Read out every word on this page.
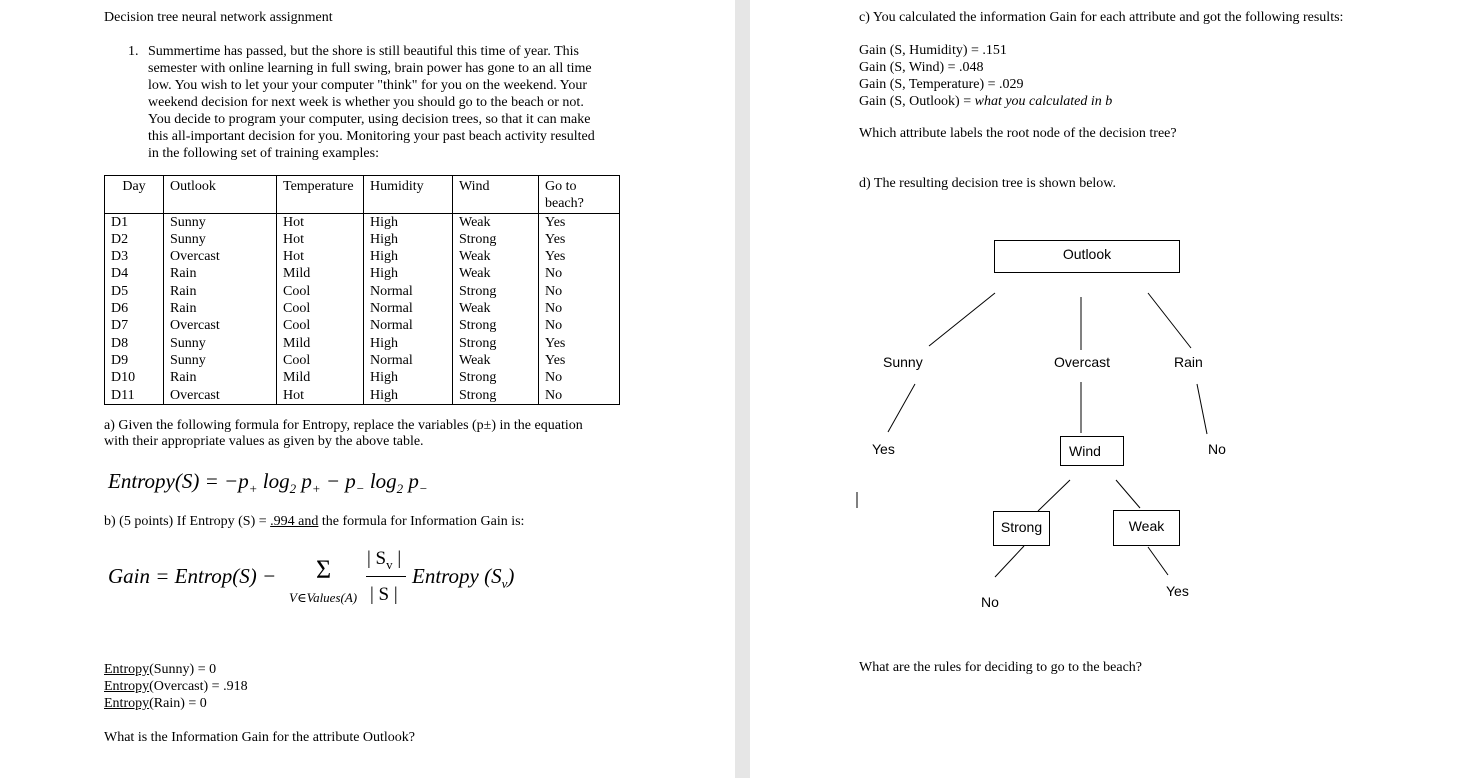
Decision tree neural network assignment
1. Summertime has passed, but the shore is still beautiful this time of year. This
semester with online learning in full swing, brain power has gone to an all time
low. You wish to let your your computer "think" for you on the weekend. Your
weekend decision for next week is whether you should go to the beach or not.
You decide to program your computer, using decision trees, so that it can make
this all-important decision for you. Monitoring your past beach activity resulted
in the following set of training examples:
Day	Outlook	Temperature	Humidity	Wind	Go to beach?
D1	Sunny	Hot	High	Weak	Yes
D2	Sunny	Hot	High	Strong	Yes
D3	Overcast	Hot	High	Weak	Yes
D4	Rain	Mild	High	Weak	No
D5	Rain	Cool	Normal	Strong	No
D6	Rain	Cool	Normal	Weak	No
D7	Overcast	Cool	Normal	Strong	No
D8	Sunny	Mild	High	Strong	Yes
D9	Sunny	Cool	Normal	Weak	Yes
D10	Rain	Mild	High	Strong	No
D11	Overcast	Hot	High	Strong	No
a) Given the following formula for Entropy, replace the variables (p±) in the equation
with their appropriate values as given by the above table.
Entropy(S) = $-p_+$ $\log_2 p_+ - p_-$ $\log_2 p_-$
b) (5 points) If Entropy (S) = .994 and the formula for Information Gain is:
Gain = Entrop(S) − Σ
V∈Values(A)
| $S_v$ |
| S |
Entropy $(S_v)$
Entropy(Sunny) = 0
Entropy(Overcast) = .918
Entropy(Rain) = 0
What is the Information Gain for the attribute Outlook?
c) You calculated the information Gain for each attribute and got the following results:
Gain (S, Humidity) = .151
Gain (S, Wind) = .048
Gain (S, Temperature) = .029
Gain (S, Outlook) = what you calculated in b
Which attribute labels the root node of the decision tree?
d) The resulting decision tree is shown below.
Outlook
Sunny	Overcast	Rain
Yes	Wind	No
Strong	Weak
No
Yes
What are the rules for deciding to go to the beach?
